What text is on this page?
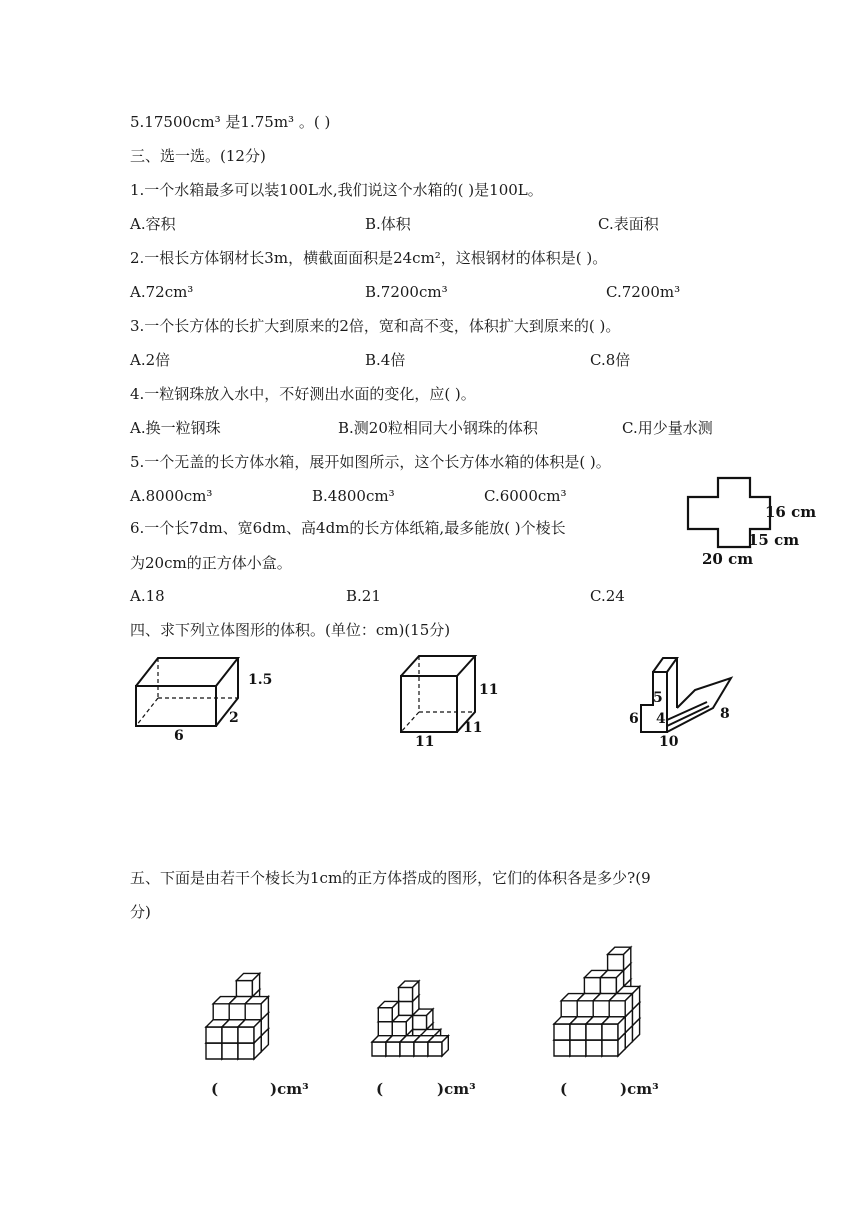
5.17500cm³ 是1.75m³ 。( )
三、选一选。(12分)
1.一个水箱最多可以装100L水,我们说这个水箱的( )是100L。
A.容积	B.体积	C.表面积
2.一根长方体钢材长3m，横截面面积是24cm²，这根钢材的体积是( )。
A.72cm³	B.7200cm³	C.7200m³
3.一个长方体的长扩大到原来的2倍，宽和高不变，体积扩大到原来的( )。
A.2倍	B.4倍	C.8倍
4.一粒钢珠放入水中，不好测出水面的变化，应( )。
A.换一粒钢珠	B.测20粒相同大小钢珠的体积	C.用少量水测
5.一个无盖的长方体水箱，展开如图所示，这个长方体水箱的体积是( )。
A.8000cm³	B.4800cm³	C.6000cm³
6.一个长7dm、宽6dm、高4dm的长方体纸箱,最多能放( )个棱长
为20cm的正方体小盒。
A.18	B.21	C.24
16 cm
15 cm
20 cm
四、求下列立体图形的体积。(单位：cm)(15分)
6
2
1.5
11
11
11	5
6 4	8
10
五、下面是由若干个棱长为1cm的正方体搭成的图形，它们的体积各是多少?(9
分)
(	)cm³	(	)cm³	(	)cm³
